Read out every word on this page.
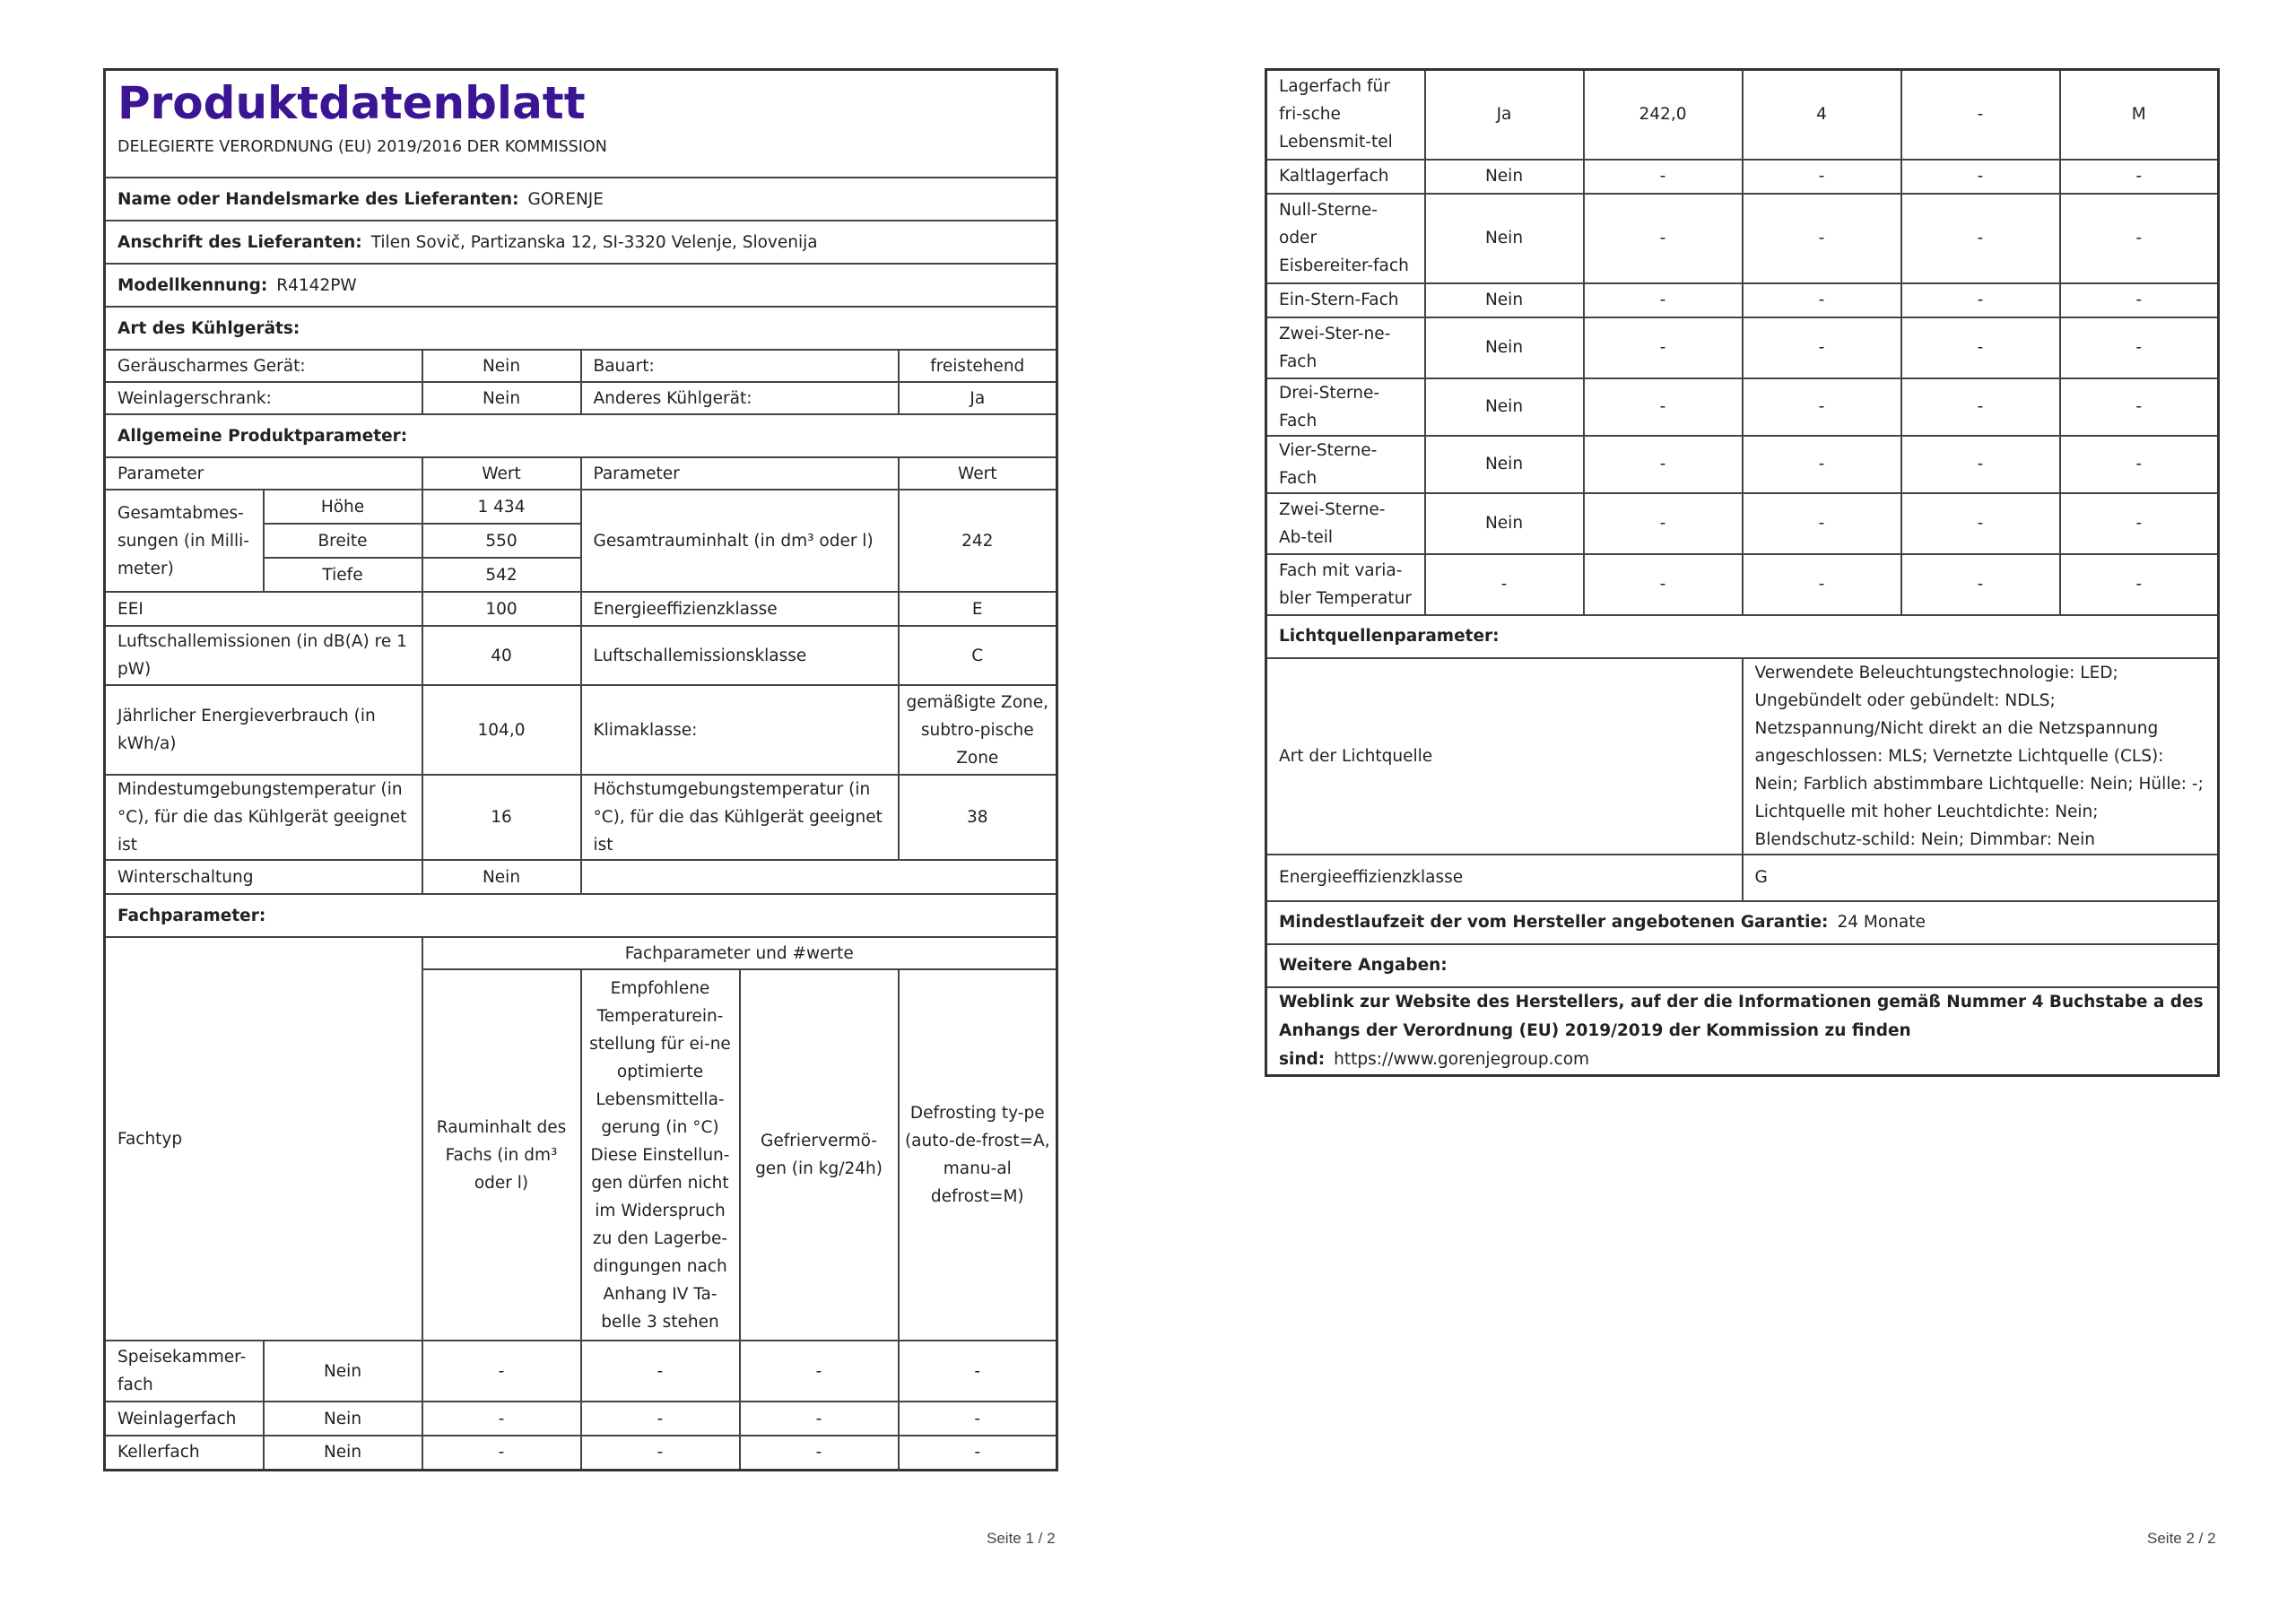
Produktdatenblatt
DELEGIERTE VERORDNUNG (EU) 2019/2016 DER KOMMISSION					

Name oder Handelsmarke des Lieferanten: GORENJE					
Anschrift des Lieferanten: Tilen Sovič, Partizanska 12, SI-3320 Velenje, Slovenija					
Modellkennung: R4142PW					
Art des Kühlgeräts:					
Geräuscharmes Gerät:		Nein	Bauart:		freistehend
Weinlagerschrank:		Nein	Anderes Kühlgerät:		Ja
Allgemeine Produktparameter:					
Parameter		Wert	Parameter		Wert
Gesamtabmes-sungen (in Milli-meter)	Höhe	1 434	Gesamtrauminhalt (in dm³ oder l)		242
	Breite	550			
	Tiefe	542			
EEI		100	Energieeffizienzklasse		E
Luftschallemissionen (in dB(A) re 1 pW)		40	Luftschallemissionsklasse		C
Jährlicher Energieverbrauch (in kWh/a)		104,0	Klimaklasse:		gemäßigte Zone, subtro-pische Zone
Mindestumgebungstemperatur (in °C), für die das Kühlgerät geeignet ist		16	Höchstumgebungstemperatur (in °C), für die das Kühlgerät geeignet ist		38
Winterschaltung		Nein			
Fachparameter:					
Fachtyp		Fachparameter und #werte			
		Rauminhalt des Fachs (in dm³ oder l)	Empfohlene Temperaturein-stellung für ei-ne optimierte Lebensmittella-gerung (in °C) Diese Einstellun-gen dürfen nicht im Widerspruch zu den Lagerbe-dingungen nach Anhang IV Ta-belle 3 stehen	Gefriervermö-gen (in kg/24h)	Defrosting ty-pe (auto-de-frost=A, manu-al defrost=M)
Speisekammer-fach	Nein	-	-	-	-
Weinlagerfach	Nein	-	-	-	-
Kellerfach	Nein	-	-	-	-
Seite 1 / 2
Lagerfach für fri-sche Lebensmit-tel	Ja	242,0	4	-	M
Kaltlagerfach	Nein	-	-	-	-
Null-Sterne- oder Eisbereiter-fach	Nein	-	-	-	-
Ein-Stern-Fach	Nein	-	-	-	-
Zwei-Ster-ne-Fach	Nein	-	-	-	-
Drei-Sterne-Fach	Nein	-	-	-	-
Vier-Sterne-Fach	Nein	-	-	-	-
Zwei-Sterne-Ab-teil	Nein	-	-	-	-
Fach mit varia-bler Temperatur	-	-	-	-	-
Lichtquellenparameter:					
Art der Lichtquelle			Verwendete Beleuchtungstechnologie: LED; Ungebündelt oder gebündelt: NDLS; Netzspannung/Nicht direkt an die Netzspannung angeschlossen: MLS; Vernetzte Lichtquelle (CLS): Nein; Farblich abstimmbare Lichtquelle: Nein; Hülle: -; Lichtquelle mit hoher Leuchtdichte: Nein; Blendschutz-schild: Nein; Dimmbar: Nein		
Energieeffizienzklasse			G		
Mindestlaufzeit der vom Hersteller angebotenen Garantie: 24 Monate					
Weitere Angaben:					
Weblink zur Website des Herstellers, auf der die Informationen gemäß Nummer 4 Buchstabe a des Anhangs der Verordnung (EU) 2019/2019 der Kommission zu finden sind: https://www.gorenjegroup.com					
Seite 2 / 2
